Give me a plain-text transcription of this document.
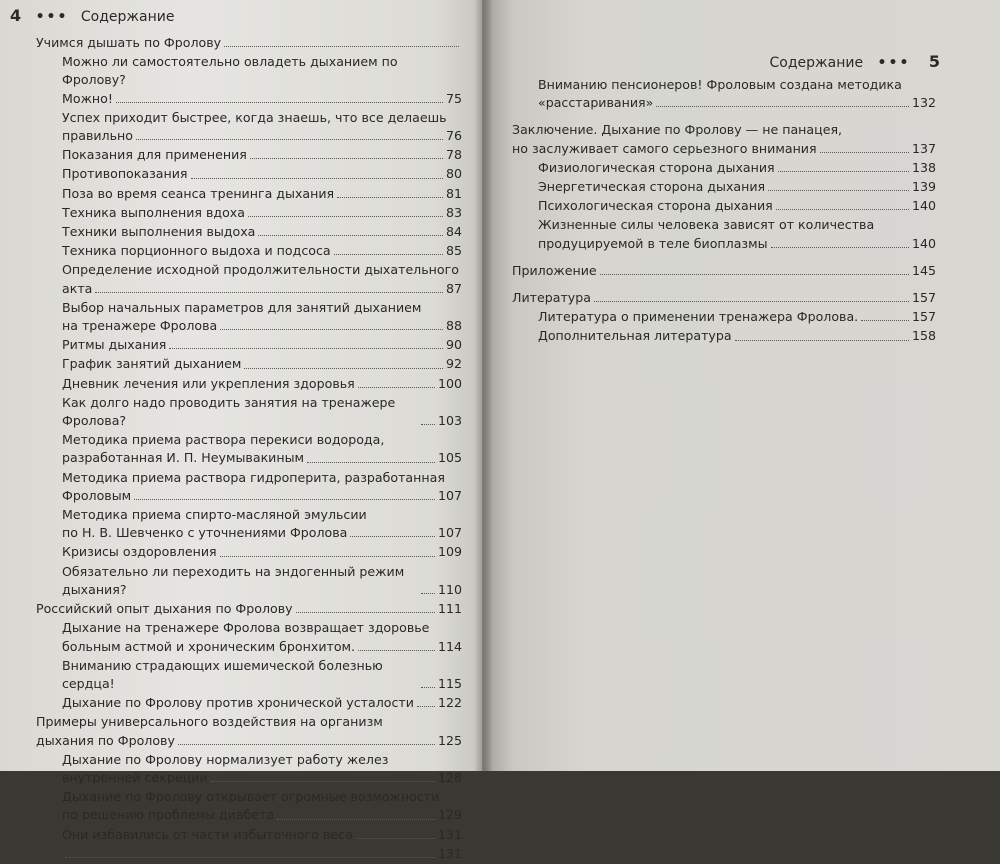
4 ••• Содержание
Учимся дышать по Фролову
Можно ли самостоятельно овладеть дыханием по Фролову?
Можно!	75
Успех приходит быстрее, когда знаешь, что все делаешь
правильно	76
Показания для применения	78
Противопоказания	80
Поза во время сеанса тренинга дыхания	81
Техника выполнения вдоха	83
Техники выполнения выдоха	84
Техника порционного выдоха и подсоса	85
Определение исходной продолжительности дыхательного
акта	87
Выбор начальных параметров для занятий дыханием
на тренажере Фролова	88
Ритмы дыхания	90
График занятий дыханием	92
Дневник лечения или укрепления здоровья	100
Как долго надо проводить занятия на тренажере Фролова?	103
Методика приема раствора перекиси водорода,
разработанная И. П. Неумывакиным	105
Методика приема раствора гидроперита, разработанная
Фроловым	107
Методика приема спирто-масляной эмульсии
по Н. В. Шевченко с уточнениями Фролова	107
Кризисы оздоровления	109
Обязательно ли переходить на эндогенный режим дыхания?	110
Российский опыт дыхания по Фролову	111
Дыхание на тренажере Фролова возвращает здоровье
больным астмой и хроническим бронхитом.	114
Вниманию страдающих ишемической болезнью сердца!	115
Дыхание по Фролову против хронической усталости 122
Примеры универсального воздействия на организм
дыхания по Фролову	125
Дыхание по Фролову нормализует работу желез
внутренней секреции	128
Дыхание по Фролову открывает огромные возможности
по решению проблемы диабета	129
Они избавились от части избыточного веса	131
131
Содержание ••• 5
Вниманию пенсионеров! Фроловым создана методика
«расстаривания»	132
Заключение. Дыхание по Фролову — не панацея,
но заслуживает самого серьезного внимания	137
Физиологическая сторона дыхания	138
Энергетическая сторона дыхания	139
Психологическая сторона дыхания	140
Жизненные силы человека зависят от количества
продуцируемой в теле биоплазмы	140
Приложение	145
Литература	157
Литература о применении тренажера Фролова.	157
Дополнительная литература	158
